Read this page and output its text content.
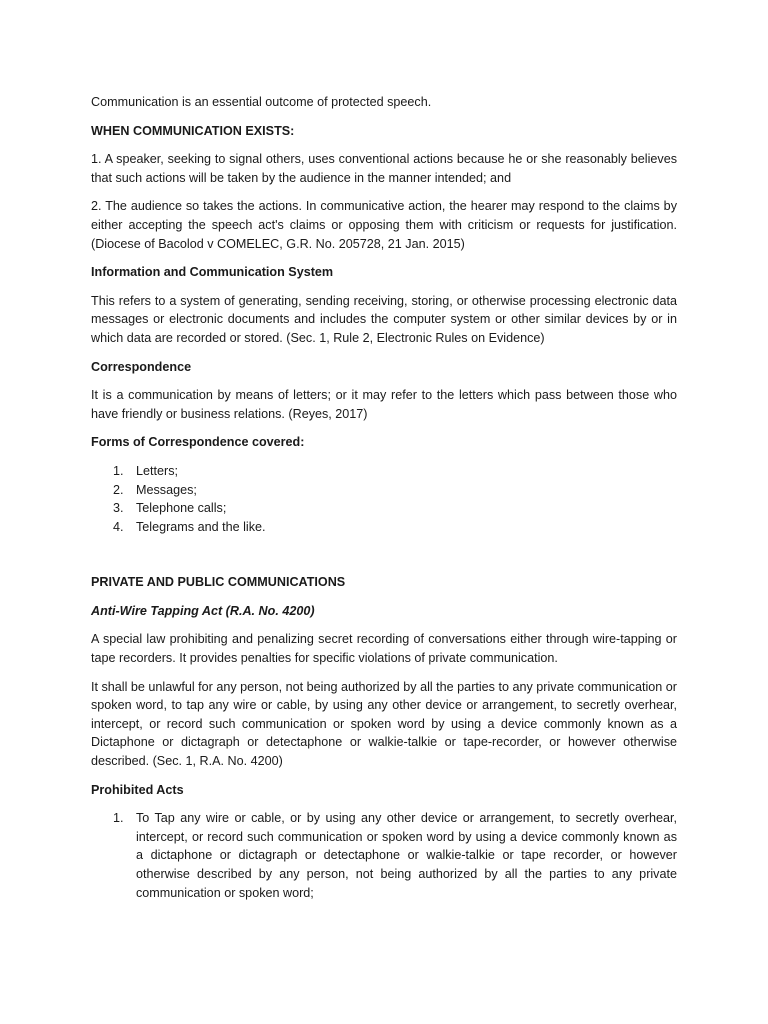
Communication is an essential outcome of protected speech.

WHEN COMMUNICATION EXISTS:

1. A speaker, seeking to signal others, uses conventional actions because he or she reasonably believes that such actions will be taken by the audience in the manner intended; and

2. The audience so takes the actions. In communicative action, the hearer may respond to the claims by either accepting the speech act's claims or opposing them with criticism or requests for justification. (Diocese of Bacolod v COMELEC, G.R. No. 205728, 21 Jan. 2015)

Information and Communication System

This refers to a system of generating, sending receiving, storing, or otherwise processing electronic data messages or electronic documents and includes the computer system or other similar devices by or in which data are recorded or stored. (Sec. 1, Rule 2, Electronic Rules on Evidence)

Correspondence

It is a communication by means of letters; or it may refer to the letters which pass between those who have friendly or business relations. (Reyes, 2017)

Forms of Correspondence covered:

1. Letters;
2. Messages;
3. Telephone calls;
4. Telegrams and the like.

PRIVATE AND PUBLIC COMMUNICATIONS

Anti-Wire Tapping Act (R.A. No. 4200)

A special law prohibiting and penalizing secret recording of conversations either through wire-tapping or tape recorders. It provides penalties for specific violations of private communication.

It shall be unlawful for any person, not being authorized by all the parties to any private communication or spoken word, to tap any wire or cable, by using any other device or arrangement, to secretly overhear, intercept, or record such communication or spoken word by using a device commonly known as a Dictaphone or dictagraph or detectaphone or walkie-talkie or tape-recorder, or however otherwise described. (Sec. 1, R.A. No. 4200)

Prohibited Acts

1. To Tap any wire or cable, or by using any other device or arrangement, to secretly overhear, intercept, or record such communication or spoken word by using a device commonly known as a dictaphone or dictagraph or detectaphone or walkie-talkie or tape recorder, or however otherwise described by any person, not being authorized by all the parties to any private communication or spoken word;
